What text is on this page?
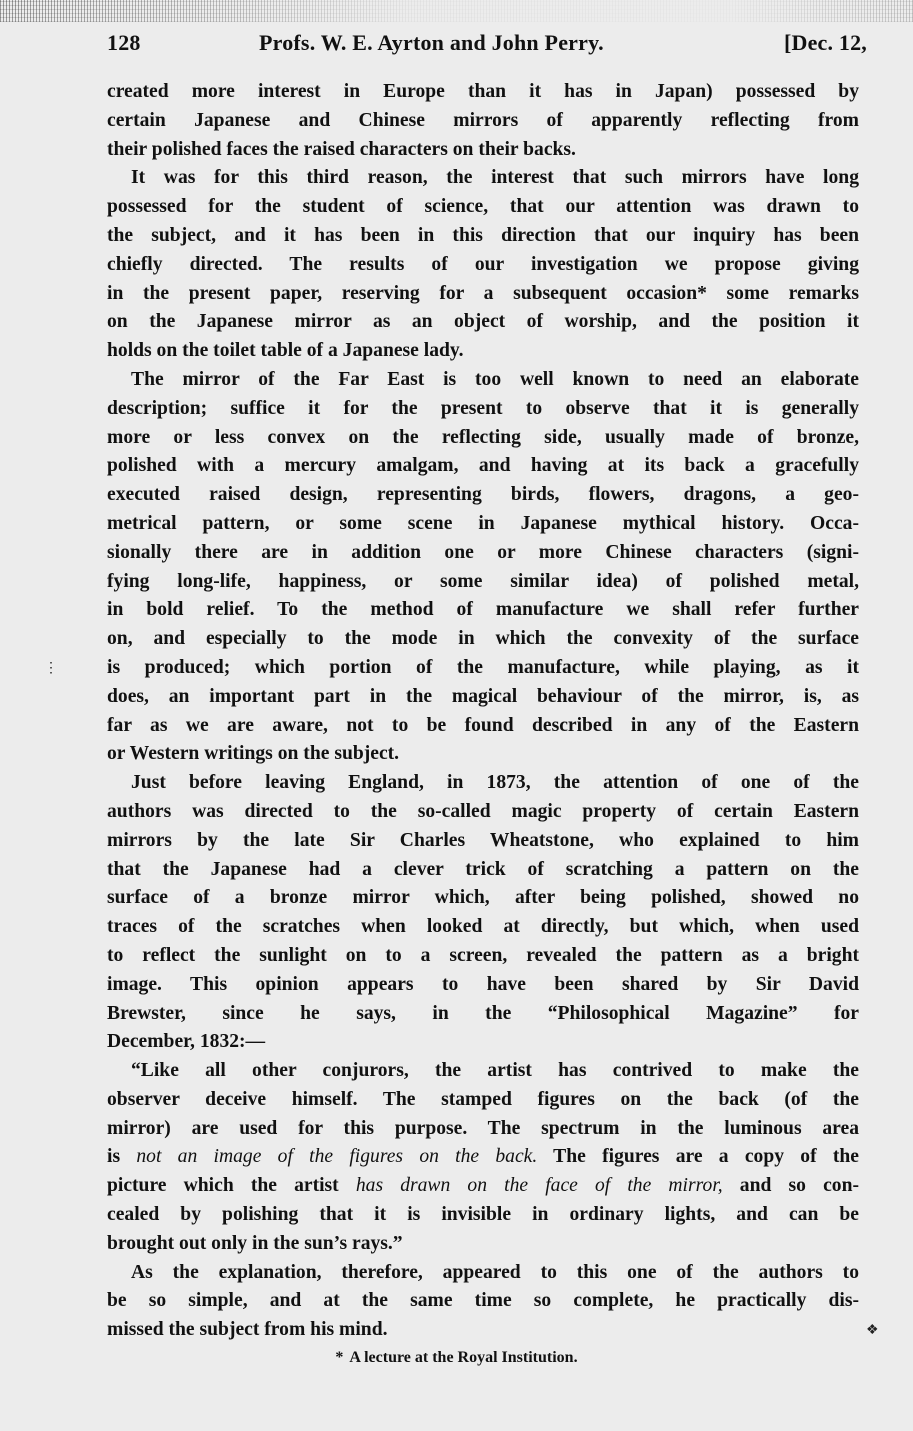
128	Profs. W. E. Ayrton and John Perry.	[Dec. 12,

created more interest in Europe than it has in Japan) possessed by
certain Japanese and Chinese mirrors of apparently reflecting from
their polished faces the raised characters on their backs.

It was for this third reason, the interest that such mirrors have long
possessed for the student of science, that our attention was drawn to
the subject, and it has been in this direction that our inquiry has been
chiefly directed. The results of our investigation we propose giving
in the present paper, reserving for a subsequent occasion* some remarks
on the Japanese mirror as an object of worship, and the position it
holds on the toilet table of a Japanese lady.

The mirror of the Far East is too well known to need an elaborate
description; suffice it for the present to observe that it is generally
more or less convex on the reflecting side, usually made of bronze,
polished with a mercury amalgam, and having at its back a gracefully
executed raised design, representing birds, flowers, dragons, a geo-
metrical pattern, or some scene in Japanese mythical history. Occa-
sionally there are in addition one or more Chinese characters (signi-
fying long-life, happiness, or some similar idea) of polished metal,
in bold relief. To the method of manufacture we shall refer further
on, and especially to the mode in which the convexity of the surface
is produced; which portion of the manufacture, while playing, as it
does, an important part in the magical behaviour of the mirror, is, as
far as we are aware, not to be found described in any of the Eastern
or Western writings on the subject.

Just before leaving England, in 1873, the attention of one of the
authors was directed to the so-called magic property of certain Eastern
mirrors by the late Sir Charles Wheatstone, who explained to him
that the Japanese had a clever trick of scratching a pattern on the
surface of a bronze mirror which, after being polished, showed no
traces of the scratches when looked at directly, but which, when used
to reflect the sunlight on to a screen, revealed the pattern as a bright
image. This opinion appears to have been shared by Sir David
Brewster, since he says, in the “Philosophical Magazine” for
December, 1832:—

“Like all other conjurors, the artist has contrived to make the
observer deceive himself. The stamped figures on the back (of the
mirror) are used for this purpose. The spectrum in the luminous area
is not an image of the figures on the back. The figures are a copy of the
picture which the artist has drawn on the face of the mirror, and so con-
cealed by polishing that it is invisible in ordinary lights, and can be
brought out only in the sun’s rays.”

As the explanation, therefore, appeared to this one of the authors to
be so simple, and at the same time so complete, he practically dis-
missed the subject from his mind.

* A lecture at the Royal Institution.
❖
⋮
